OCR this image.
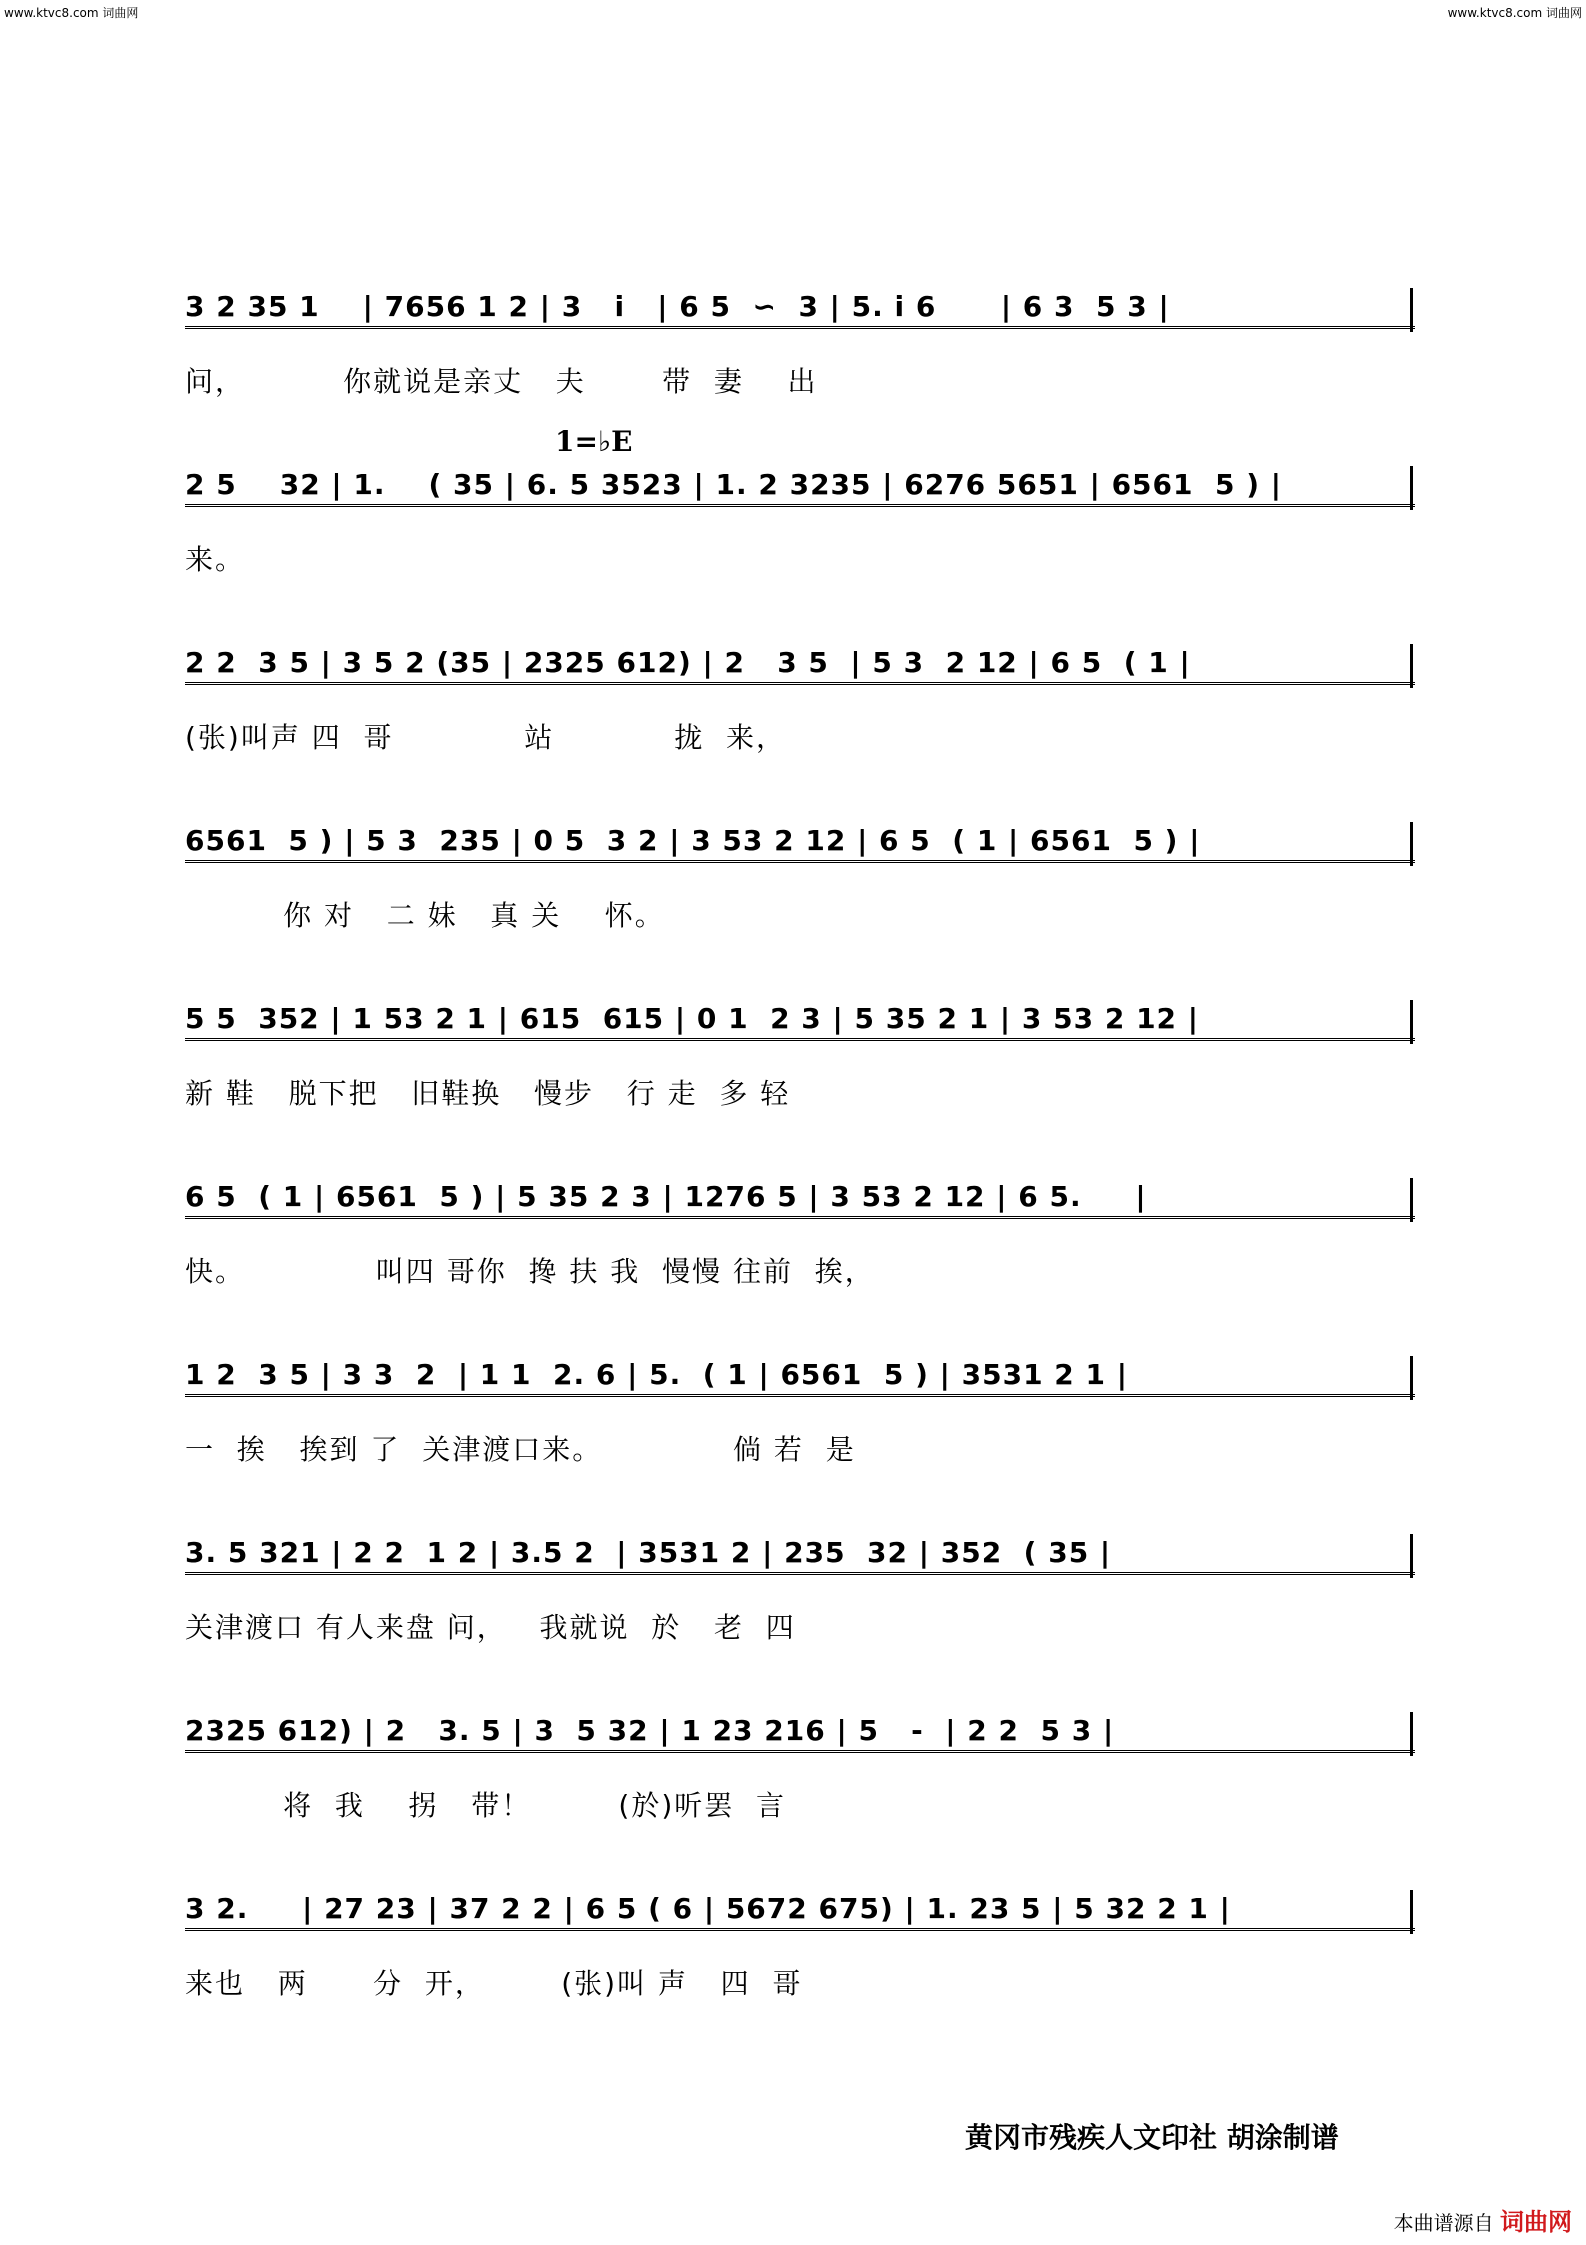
www.ktvc8.com 词曲网	www.ktvc8.com 词曲网
1=♭E
3 2 35 1    | 7656 1 2 | 3   i   | 6 5  ∽  3 | 5. i 6      | 6 3  5 3 |
问，         你就说是亲丈   夫       带  妻    出
2 5    32 | 1.    ( 35 | 6. 5 3523 | 1. 2 3235 | 6276 5651 | 6561  5 ) |
来。
2 2  3 5 | 3 5 2 (35 | 2325 612) | 2   3 5  | 5 3  2 12 | 6 5  ( 1 |
(张)叫声 四  哥            站           拢  来，
6561  5 ) | 5 3  235 | 0 5  3 2 | 3 53 2 12 | 6 5  ( 1 | 6561  5 ) |
你 对   二 妹   真 关    怀。
5 5  352 | 1 53 2 1 | 615  615 | 0 1  2 3 | 5 35 2 1 | 3 53 2 12 |
新 鞋   脱下把   旧鞋换   慢步   行 走  多 轻
6 5  ( 1 | 6561  5 ) | 5 35 2 3 | 1276 5 | 3 53 2 12 | 6 5.     |
快。            叫四 哥你  搀 扶 我  慢慢 往前  挨，
1 2  3 5 | 3 3  2  | 1 1  2. 6 | 5.  ( 1 | 6561  5 ) | 3531 2 1 |
一  挨   挨到 了  关津渡口来。            倘 若  是
3. 5 321 | 2 2  1 2 | 3.5 2  | 3531 2 | 235  32 | 352  ( 35 |
关津渡口 有人来盘 问，   我就说  於   老  四
2325 612) | 2   3. 5 | 3  5 32 | 1 23 216 | 5   -  | 2 2  5 3 |
将  我    拐   带！        (於)听罢  言
3 2.     | 27 23 | 37 2 2 | 6 5 ( 6 | 5672 675) | 1. 23 5 | 5 32 2 1 |
来也   两      分  开，       (张)叫 声   四  哥
黄冈市残疾人文印社 胡涂制谱
本曲谱源自 词曲网
